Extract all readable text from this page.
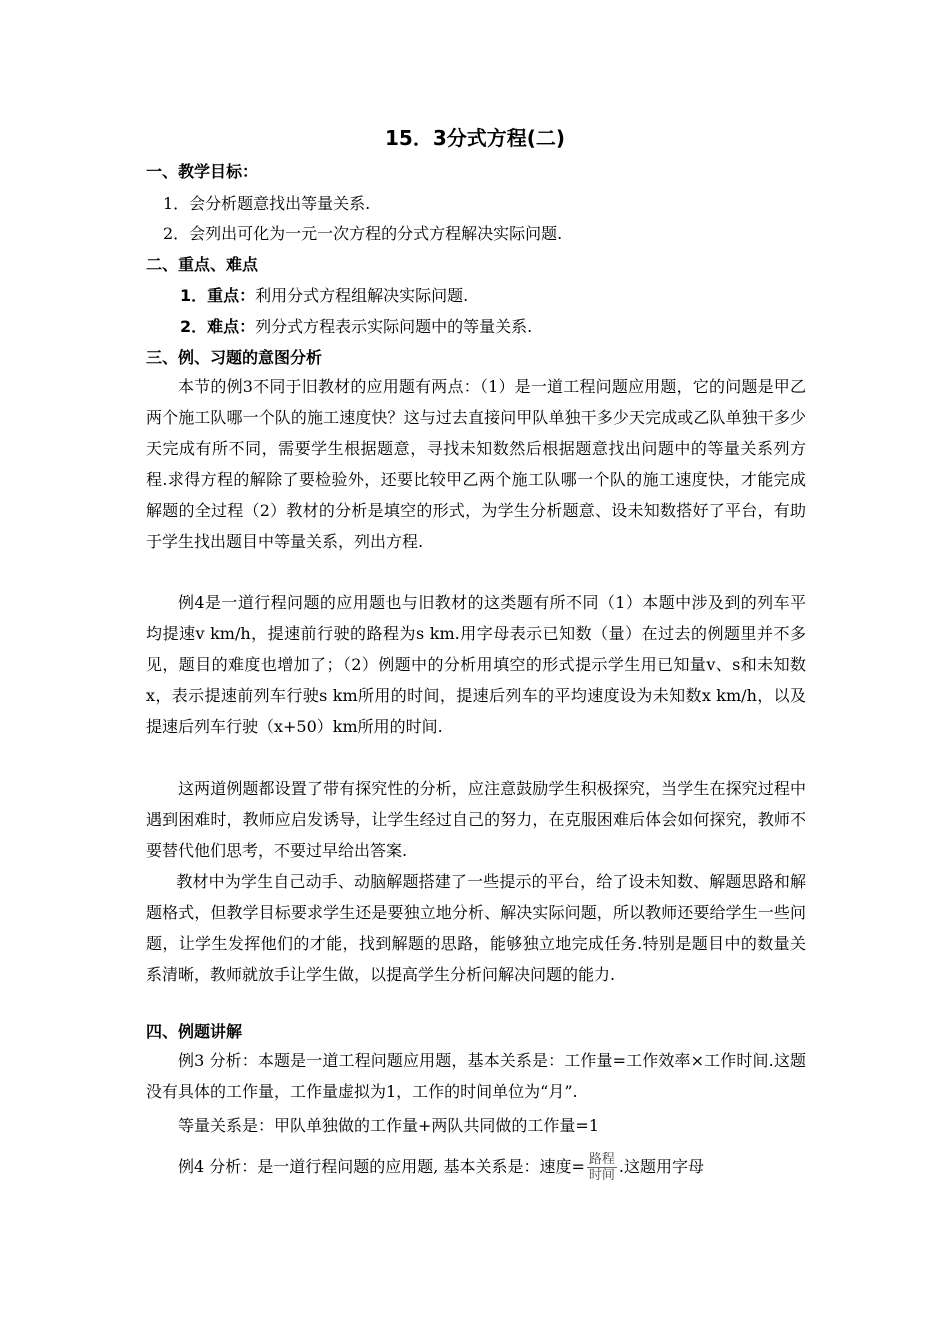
15．3分式方程(二)
一、教学目标：
1．会分析题意找出等量关系.
2．会列出可化为一元一次方程的分式方程解决实际问题.
二、重点、难点
1．重点：利用分式方程组解决实际问题.
2．难点：列分式方程表示实际问题中的等量关系.
三、例、习题的意图分析
本节的例3不同于旧教材的应用题有两点：（1）是一道工程问题应用题，它的问题是甲乙两个施工队哪一个队的施工速度快？这与过去直接问甲队单独干多少天完成或乙队单独干多少天完成有所不同，需要学生根据题意，寻找未知数然后根据题意找出问题中的等量关系列方程.求得方程的解除了要检验外，还要比较甲乙两个施工队哪一个队的施工速度快，才能完成解题的全过程（2）教材的分析是填空的形式，为学生分析题意、设未知数搭好了平台，有助于学生找出题目中等量关系，列出方程.
例4是一道行程问题的应用题也与旧教材的这类题有所不同（1）本题中涉及到的列车平均提速v km/h，提速前行驶的路程为s km.用字母表示已知数（量）在过去的例题里并不多见，题目的难度也增加了；（2）例题中的分析用填空的形式提示学生用已知量v、s和未知数x，表示提速前列车行驶s km所用的时间，提速后列车的平均速度设为未知数x km/h，以及提速后列车行驶（x+50）km所用的时间.
这两道例题都设置了带有探究性的分析，应注意鼓励学生积极探究，当学生在探究过程中遇到困难时，教师应启发诱导，让学生经过自己的努力，在克服困难后体会如何探究，教师不要替代他们思考，不要过早给出答案.
教材中为学生自己动手、动脑解题搭建了一些提示的平台，给了设未知数、解题思路和解题格式，但教学目标要求学生还是要独立地分析、解决实际问题，所以教师还要给学生一些问题，让学生发挥他们的才能，找到解题的思路，能够独立地完成任务.特别是题目中的数量关系清晰，教师就放手让学生做，以提高学生分析问解决问题的能力.
四、例题讲解
例3 分析：本题是一道工程问题应用题，基本关系是：工作量=工作效率×工作时间.这题没有具体的工作量，工作量虚拟为1，工作的时间单位为“月”.
等量关系是：甲队单独做的工作量+两队共同做的工作量=1
例4 分析：是一道行程问题的应用题, 基本关系是：速度= $\frac{\text{路程}}{\text{时间}}$ .这题用字母
